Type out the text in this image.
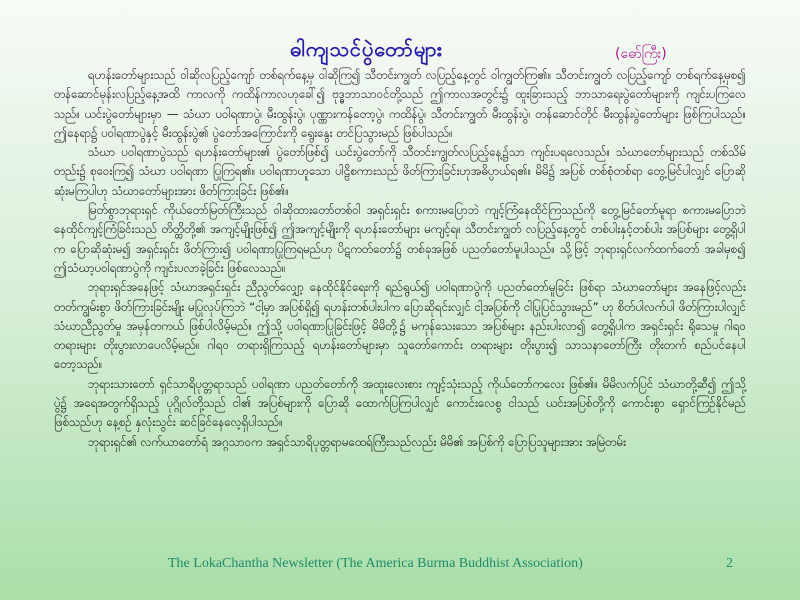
ဓါကျသင်ပွဲတော်များ	(ဓော်ကြီး)

ရဟန်းတော်များသည် ဝါဆိုလပြည့်ကျော် တစ်ရက်နေ့မှ ဝါဆိုကြ၍ သီတင်းကျွတ် လပြည့်နေ့တွင် ဝါကျွတ်ကြ၏။ သီတင်းကျွတ် လပြည့်ကျော် တစ်ရက်နေ့မှစ၍ တန်ဆောင်မုန်းလပြည့်နေ့အထိ ကာလကို ကထိန်ကာလဟုခေါ်၍ ဗုဒ္ဓဘာသာဝင်တို့သည် ဤကာလအတွင်း၌ ထူးခြားသည့် ဘာသာရေးပွဲတော်များကို ကျင်းပကြလေသည်။ ယင်းပွဲတော်များမှာ — သံဃာ ပဝါရဏာပွဲ၊ မီးထွန်းပွဲ၊ ပုဏ္ဏားကန်တော့ပွဲ၊ ကထိန်ပွဲ၊ သီတင်းကျွတ် မီးထွန်းပွဲ၊ တန်ဆောင်တိုင် မီးထွန်းပွဲတော်များ ဖြစ်ကြပါသည်။ ဤနေရာ၌ ပဝါရဏာပွဲနှင့် မီးထွန်းပွဲ၏ ပွဲတော်အကြောင်းကို ရွေးနွေး တင်ပြသွားမည် ဖြစ်ပါသည်။

သံဃာ ပဝါရဏာပွဲသည် ရဟန်းတော်များ၏ ပွဲတော်ဖြစ်၍ ယင်းပွဲတော်ကို သီတင်းကျွတ်လပြည့်နေ့၌သာ ကျင်းပရလေသည်။ သံဃာတော်များသည် တစ်သိမ်တည်း၌ စုဝေးကြ၍ သံဃာ ပဝါရဏာ ပြုကြရ၏။ ပဝါရဏာဟူသော ပါဠိစကားသည် ဖိတ်ကြားခြင်းဟုအဓိပ္ပာယ်ရ၏။ မိမိ၌ အပြစ် တစ်စုံတစ်ရာ တွေ့မြင်ပါလျှင် ပြောဆိုဆုံးမကြပါဟု သံဃာတော်များအား ဖိတ်ကြားခြင်း ဖြစ်၏။

မြတ်စွာဘုရားရှင် ကိုယ်တော်မြတ်ကြီးသည် ဝါဆိုထားတော်တစ်ဝါ အရှင်းရှင်း စကားမပြောဘဲ ကျင့်ကြံနေထိုင်ကြသည်ကို တွေ့မြင်တော်မူရာ စကားမပြောဘဲ နေထိုင်ကျင့်ကြံခြင်းသည် တိတ္ထိတို့၏ အကျင့်မျိုးဖြစ်၍ ဤအကျင့်မျိုးကို ရဟန်းတော်များ မကျင့်ရ။ သီတင်းကျွတ် လပြည့်နေ့တွင် တစ်ပါးနှင့်တစ်ပါး အပြစ်များ တွေ့ရှိပါက ပြောဆိုဆုံးမ၍ အရှင်းရှင်း ဖိတ်ကြား၍ ပဝါရဏာပြုကြရမည်ဟု ပိဋကတ်တော်၌ တစ်ခုအဖြစ် ပညတ်တော်မူပါသည်။ သို့ဖြင့် ဘုရားရှင်လက်ထက်တော် အခါမှစ၍ ဤသံဃာ့ပဝါရဏာပွဲကို ကျင်းပလာခဲ့ခြင်း ဖြစ်လေသည်။

ဘုရားရှင်အနေဖြင့် သံဃာအရှင်းရှင်း ညီညွတ်လျှော့ နေထိုင်နိုင်ရေးကို ရည်ရွယ်၍ ပဝါရဏာပွဲကို ပညတ်တော်မူခြင်း ဖြစ်ရာ သံဃာတော်များ အနေဖြင့်လည်း တတ်ကျွမ်းစွာ ဖိတ်ကြားခြင်းမျိုး မပြုလုပ်ကြဘဲ “ငါ့မှာ အပြစ်ရှိ၍ ရဟန်းတစ်ပါးပါက ပြောဆိုရင်းလျှင် ငါ့အပြစ်ကို ငါပြုပြင်သွားမည်” ဟု စိတ်ပါလက်ပါ ဖိတ်ကြားပါလျှင် သံဃာညီညွတ်မှု အမှန်တကယ် ဖြစ်ပါလိမ့်မည်။ ဤသို့ ပဝါရဏာပြုခြင်းဖြင့် မိမိတို့၌ မကုန်သေးသော အပြစ်များ နည်းပါးလာ၍ တွေ့ရှိပါက အရှင်းရှင်း ရိုသေမှု ဂါရဝတရားများ တိုးပွားလာပေလိမ့်မည်။ ဂါရဝ တရားရှိကြသည့် ရဟန်းတော်များမှာ သူတော်ကောင်း တရားများ တိုးပွား၍ သာသနာတော်ကြီး တိုးတက် စည်ပင်နေပါတော့သည်။

ဘုရားသားတော် ရှင်သာရိပုတ္တရာသည် ပဝါရဏာ ပညတ်တော်ကို အထူးလေးစား ကျင့်သုံးသည့် ကိုယ်တော်ကလေး ဖြစ်၏။ မိမိလက်ပြင် သံဃာတို့ဆီ၍ ဤသို့ပွဲ၌ အရေအတွက်ရှိသည့် ပုဂ္ဂိုလ်တို့သည် ငါ၏ အပြစ်များကို ပြောဆို ထောက်ပြကြပါလျှင် ကောင်းလေစွ ငါသည် ယင်းအပြစ်တို့ကို ကောင်းစွာ ရှောင်ကြဉ်နိုင်မည် ဖြစ်သည်ဟု နေ့စဉ် နှလုံးသွင်း ဆင်ခြင်နေလေ့ရှိပါသည်။

ဘုရားရှင်၏ လက်ယာတော်ရံ အဂ္ဂသာဝက အရှင်သာရိပုတ္တရာမထေရ်ကြီးသည်လည်း မိမိ၏ အပြစ်ကို ပြောပြသူများအား အမြဲတမ်း

The LokaChantha Newsletter (The America Burma Buddhist Association)	2
